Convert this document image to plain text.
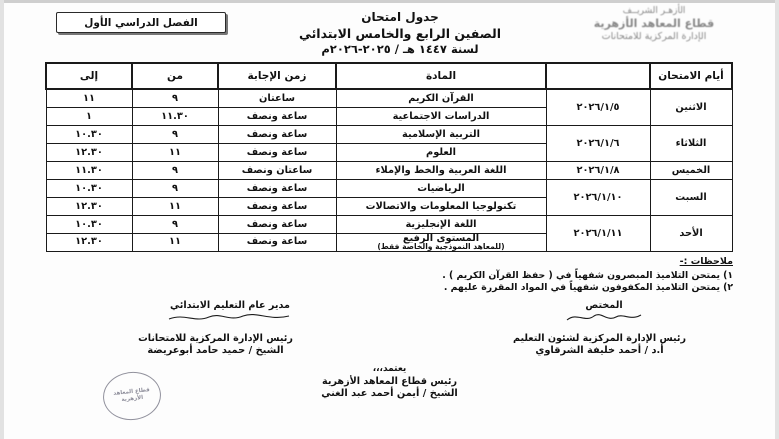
الفصل الدراسي الأول	جدول امتحان
الصفين الرابع والخامس الابتدائي
لسنة ١٤٤٧ هـ / ٢٠٢٥-٢٠٢٦م
الأزهـر الشريــف
قطاع المعاهد الأزهرية
الإدارة المركزية للامتحانات
أيام الامتحان		المادة	زمن الإجابة	من	إلى
الاثنين	٢٠٢٦/١/٥	القرآن الكريم	ساعتان	٩	١١
		الدراسات الاجتماعية	ساعة ونصف	١١.٣٠	١
الثلاثاء	٢٠٢٦/١/٦	التربية الإسلامية	ساعة ونصف	٩	١٠.٣٠
		العلوم	ساعة ونصف	١١	١٢.٣٠
الخميس	٢٠٢٦/١/٨	اللغة العربية والخط والإملاء	ساعتان ونصف	٩	١١.٣٠
السبت	٢٠٢٦/١/١٠	الرياضيات	ساعة ونصف	٩	١٠.٣٠
		تكنولوجيا المعلومات والاتصالات	ساعة ونصف	١١	١٢.٣٠
الأحد	٢٠٢٦/١/١١	اللغة الإنجليزية	ساعة ونصف	٩	١٠.٣٠
		المستوى الرفيع
(للمعاهد النموذجية والخاصة فقط)	ساعة ونصف	١١	١٢.٣٠
ملاحظات :-
١)يمتحن التلاميذ المبصرون شفهياً في ( حفظ القرآن الكريم ) .
٢)يمتحن التلاميذ المكفوفون شفهياً في المواد المقررة عليهم .
المختص
مدير عام التعليم الابتدائي
رئيس الإدارة المركزية لشئون التعليم
أ.د / أحمد خليفة الشرقاوي
رئيس الإدارة المركزية للامتحانات
الشيخ / حميد حامد أبوعريضة
يعتمد،،،
رئيس قطاع المعاهد الأزهرية
الشيخ / أيمن أحمد عبد الغني
قطاع المعاهد الأزهرية
